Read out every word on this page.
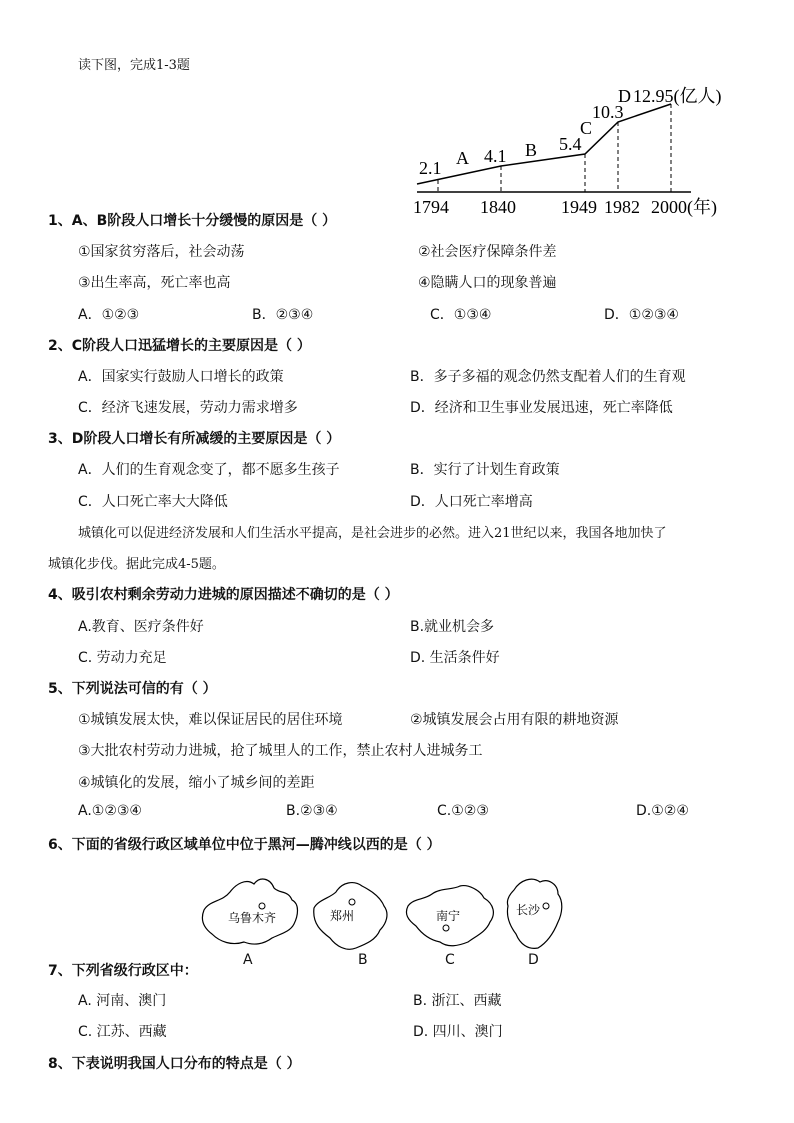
读下图，完成1-3题
2.1
4.1
5.4
10.3
12.95(亿人)
A	B
C
D
1794 1840	1949 1982 2000(年)
1、A、B阶段人口增长十分缓慢的原因是（ ）
①国家贫穷落后，社会动荡	②社会医疗保障条件差
③出生率高，死亡率也高	④隐瞒人口的现象普遍
A．①②③	B．②③④	C．①③④	D．①②③④
2、C阶段人口迅猛增长的主要原因是（ ）
A．国家实行鼓励人口增长的政策	B．多子多福的观念仍然支配着人们的生育观
C．经济飞速发展，劳动力需求增多	D．经济和卫生事业发展迅速，死亡率降低
3、D阶段人口增长有所减缓的主要原因是（ ）
A．人们的生育观念变了，都不愿多生孩子	B．实行了计划生育政策
C．人口死亡率大大降低	D．人口死亡率增高
城镇化可以促进经济发展和人们生活水平提高，是社会进步的必然。进入21世纪以来，我国各地加快了
城镇化步伐。据此完成4-5题。
4、吸引农村剩余劳动力进城的原因描述不确切的是（ ）
A.教育、医疗条件好	B.就业机会多
C. 劳动力充足	D. 生活条件好
5、下列说法可信的有（ ）
①城镇发展太快，难以保证居民的居住环境	②城镇发展会占用有限的耕地资源
③大批农村劳动力进城，抢了城里人的工作，禁止农村人进城务工
④城镇化的发展，缩小了城乡间的差距
A.①②③④	B.②③④	C.①②③	D.①②④
6、下面的省级行政区域单位中位于黑河—腾冲线以西的是（ ）
乌鲁木齐	郑州	南宁	长沙
A	B	C	D
7、下列省级行政区中：
A. 河南、澳门	B. 浙江、西藏
C. 江苏、西藏	D. 四川、澳门
8、下表说明我国人口分布的特点是（ ）
